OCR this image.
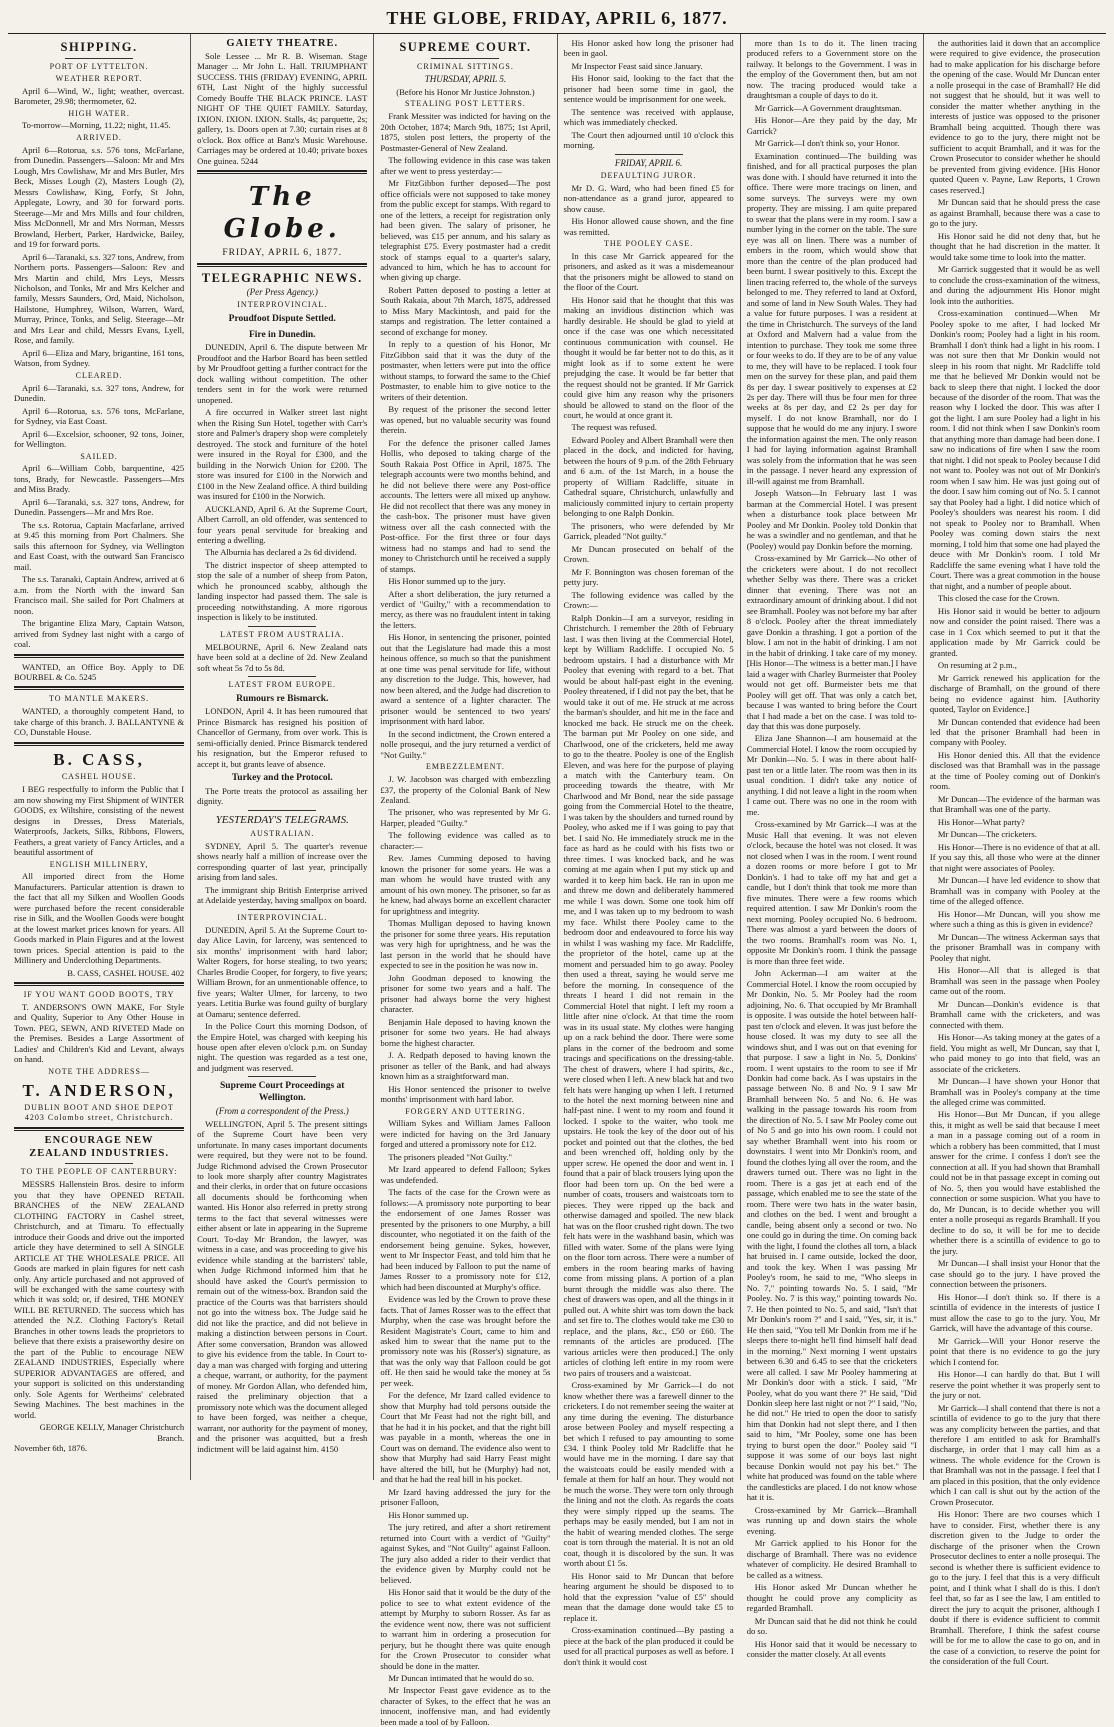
THE GLOBE, FRIDAY, APRIL 6, 1877.
SHIPPING.
PORT OF LYTTELTON.
WEATHER REPORT.

April 6—Wind, W., light; weather, overcast. Barometer, 29.98; thermometer, 62.

HIGH WATER.

To-morrow—Morning, 11.22; night, 11.45.

ARRIVED.

April 6—Rotorua, s.s. 576 tons, McFarlane, from Dunedin. Passengers—Saloon: Mr and Mrs Lough, Mrs Cowlishaw, Mr and Mrs Butler, Mrs Beck, Misses Lough (2), Masters Lough (2), Messrs Cowlishaw, King, Forfy, St John, Applegate, Lowry, and 30 for forward ports. Steerage—Mr and Mrs Mills and four children, Miss McDonnell, Mr and Mrs Norman, Messrs Browland, Herbert, Parker, Hardwicke, Bailey, and 19 for forward ports.

April 6—Taranaki, s.s. 327 tons, Andrew, from Northern ports. Passengers—Saloon: Rev and Mrs Martin and child, Mrs Leys, Messrs Nicholson, and Tonks, Mr and Mrs Kelcher and family, Messrs Saunders, Ord, Maid, Nicholson, Hailstone, Humphrey, Wilson, Warren, Ward, Murray, Prince, Tonks, and Selig. Steerage—Mr and Mrs Lear and child, Messrs Evans, Lyell, Rose, and family.

April 6—Eliza and Mary, brigantine, 161 tons, Watson, from Sydney.

CLEARED.

April 6—Taranaki, s.s. 327 tons, Andrew, for Dunedin.

April 6—Rotorua, s.s. 576 tons, McFarlane, for Sydney, via East Coast.

April 6—Excelsior, schooner, 92 tons, Joiner, for Wellington.

SAILED.

April 6—William Cobb, barquentine, 425 tons, Brady, for Newcastle. Passengers—Mrs and Miss Brady.

April 6—Taranaki, s.s. 327 tons, Andrew, for Dunedin. Passengers—Mr and Mrs Roe.

The s.s. Rotorua, Captain Macfarlane, arrived at 9.45 this morning from Port Chalmers. She sails this afternoon for Sydney, via Wellington and East Coast, with the outward San Francisco mail.

The s.s. Taranaki, Captain Andrew, arrived at 6 a.m. from the North with the inward San Francisco mail. She sailed for Port Chalmers at noon.

The brigantine Eliza Mary, Captain Watson, arrived from Sydney last night with a cargo of coal.

WANTED, an Office Boy. Apply to DE BOURBEL & Co. 5245

TO MANTLE MAKERS.

WANTED, a thoroughly competent Hand, to take charge of this branch. J. BALLANTYNE & CO, Dunstable House.

B. CASS,
CASHEL HOUSE.

I BEG respectfully to inform the Public that I am now showing my First Shipment of WINTER GOODS, ex Wiltshire, consisting of the newest designs in Dresses, Dress Materials, Waterproofs, Jackets, Silks, Ribbons, Flowers, Feathers, a great variety of Fancy Articles, and a beautiful assortment of

ENGLISH MILLINERY,

All imported direct from the Home Manufacturers. Particular attention is drawn to the fact that all my Silken and Woollen Goods were purchased before the recent considerable rise in Silk, and the Woollen Goods were bought at the lowest market prices known for years. All Goods marked in Plain Figures and at the lowest town prices. Special attention is paid to the Millinery and Underclothing Departments.

B. CASS, CASHEL HOUSE. 402
IF YOU WANT GOOD BOOTS, TRY

T. ANDERSON'S OWN MAKE, For Style and Quality, Superior to Any Other House in Town. PEG, SEWN, AND RIVETED Made on the Premises. Besides a Large Assortment of Ladies' and Children's Kid and Levant, always on hand.

NOTE THE ADDRESS—
T. ANDERSON,
DUBLIN BOOT AND SHOE DEPOT 4203 Colombo street, Christchurch.
ENCOURAGE NEW ZEALAND INDUSTRIES.
TO THE PEOPLE OF CANTERBURY:

MESSRS Hallenstein Bros. desire to inform you that they have OPENED RETAIL BRANCHES of the NEW ZEALAND CLOTHING FACTORY in Cashel street, Christchurch, and at Timaru. To effectually introduce their Goods and drive out the imported article they have determined to sell A SINGLE ARTICLE AT THE WHOLESALE PRICE. All Goods are marked in plain figures for nett cash only. Any article purchased and not approved of will be exchanged with the same courtesy with which it was sold; or, if desired, THE MONEY WILL BE RETURNED. The success which has attended the N.Z. Clothing Factory's Retail Branches in other towns leads the proprietors to believe that there exists a praiseworthy desire on the part of the Public to encourage NEW ZEALAND INDUSTRIES, Especially where SUPERIOR ADVANTAGES are offered, and your support is solicited on this understanding only. Sole Agents for Wertheims' celebrated Sewing Machines. The best machines in the world.

GEORGE KELLY, Manager Christchurch Branch.
November 6th, 1876.
GAIETY THEATRE.

Sole Lessee ... Mr R. B. Wiseman. Stage Manager ... Mr John L. Hall. TRIUMPHANT SUCCESS. THIS (FRIDAY) EVENING, APRIL 6TH, Last Night of the highly successful Comedy Bouffe THE BLACK PRINCE. LAST NIGHT OF THE QUIET FAMILY. Saturday, IXION. IXION. IXION. Stalls, 4s; parquette, 2s; gallery, 1s. Doors open at 7.30; curtain rises at 8 o'clock. Box office at Banz's Music Warehouse. Carriages may be ordered at 10.40; private boxes One guinea. 5244

The Globe.
FRIDAY, APRIL 6, 1877.
TELEGRAPHIC NEWS.
(Per Press Agency.)
INTERPROVINCIAL.
Proudfoot Dispute Settled.
Fire in Dunedin.

DUNEDIN, April 6. The dispute between Mr Proudfoot and the Harbor Board has been settled by Mr Proudfoot getting a further contract for the dock walling without competition. The other tenders sent in for the work were returned unopened.

A fire occurred in Walker street last night when the Rising Sun Hotel, together with Carr's store and Palmer's drapery shop were completely destroyed. The stock and furniture of the hotel were insured in the Royal for £300, and the building in the Norwich Union for £200. The store was insured for £100 in the Norwich and £100 in the New Zealand office. A third building was insured for £100 in the Norwich.

AUCKLAND, April 6. At the Supreme Court, Albert Carroll, an old offender, was sentenced to four years penal servitude for breaking and entering a dwelling.

The Alburnia has declared a 2s 6d dividend.

The district inspector of sheep attempted to stop the sale of a number of sheep from Paton, which he pronounced scabby, although the landing inspector had passed them. The sale is proceeding notwithstanding. A more rigorous inspection is likely to be instituted.

LATEST FROM AUSTRALIA.

MELBOURNE, April 6. New Zealand oats have been sold at a decline of 2d. New Zealand soft wheat 5s 7d to 5s 8d.

LATEST FROM EUROPE.
Rumours re Bismarck.

LONDON, April 4. It has been rumoured that Prince Bismarck has resigned his position of Chancellor of Germany, from over work. This is semi-officially denied. Prince Bismarck tendered his resignation, but the Emperor refused to accept it, but grants leave of absence.

Turkey and the Protocol.

The Porte treats the protocol as assailing her dignity.

YESTERDAY'S TELEGRAMS.
AUSTRALIAN.

SYDNEY, April 5. The quarter's revenue shows nearly half a million of increase over the corresponding quarter of last year, principally arising from land sales.

The immigrant ship British Enterprise arrived at Adelaide yesterday, having smallpox on board.

INTERPROVINCIAL.

DUNEDIN, April 5. At the Supreme Court to-day Alice Lavin, for larceny, was sentenced to six months' imprisonment with hard labor; Walter Rogers, for horse stealing, to two years; Charles Brodie Cooper, for forgery, to five years; William Brown, for an unmentionable offence, to five years; Walter Ulmer, for larceny, to two years. Letitia Burke was found guilty of burglary at Oamaru; sentence deferred.

In the Police Court this morning Dodson, of the Empire Hotel, was charged with keeping his house open after eleven o'clock p.m. on Sunday night. The question was regarded as a test one, and judgment was reserved.

Supreme Court Proceedings at Wellington.
(From a correspondent of the Press.)

WELLINGTON, April 5. The present sittings of the Supreme Court have been very unfortunate. In many cases important documents were required, but they were not to be found. Judge Richmond advised the Crown Prosecutor to look more sharply after country Magistrates and their clerks, in order that on future occasions all documents should be forthcoming when wanted. His Honor also referred in pretty strong terms to the fact that several witnesses were either absent or late in appearing in the Supreme Court. To-day Mr Brandon, the lawyer, was witness in a case, and was proceeding to give his evidence while standing at the barristers' table, when Judge Richmond informed him that he should have asked the Court's permission to remain out of the witness-box. Brandon said the practice of the Courts was that barristers should not go into the witness box. The Judge said he did not like the practice, and did not believe in making a distinction between persons in Court. After some conversation, Brandon was allowed to give his evidence from the table. In Court to-day a man was charged with forging and uttering a cheque, warrant, or authority, for the payment of money. Mr Gordon Allan, who defended him, raised the preliminary objection that a promissory note which was the document alleged to have been forged, was neither a cheque, warrant, nor authority for the payment of money, and the prisoner was acquitted, but a fresh indictment will be laid against him. 4150

SUPREME COURT.
CRIMINAL SITTINGS.
THURSDAY, APRIL 5.
(Before his Honor Mr Justice Johnston.)
STEALING POST LETTERS.

Frank Messiter was indicted for having on the 20th October, 1874; March 9th, 1875; 1st April, 1875, stolen post letters, the property of the Postmaster-General of New Zealand.

The following evidence in this case was taken after we went to press yesterday:—

Mr FitzGibbon further deposed—The post office officials were not supposed to take money from the public except for stamps. With regard to one of the letters, a receipt for registration only had been given. The salary of prisoner, he believed, was £15 per annum, and his salary as telegraphist £75. Every postmaster had a credit stock of stamps equal to a quarter's salary, advanced to him, which he has to account for when giving up charge.

Robert Patten deposed to posting a letter at South Rakaia, about 7th March, 1875, addressed to Miss Mary Mackintosh, and paid for the stamps and registration. The letter contained a second of exchange for money.

In reply to a question of his Honor, Mr FitzGibbon said that it was the duty of the postmaster, when letters were put into the office without stamps, to forward the same to the Chief Postmaster, to enable him to give notice to the writers of their detention.

By request of the prisoner the second letter was opened, but no valuable security was found therein.

For the defence the prisoner called James Hollis, who deposed to taking charge of the South Rakaia Post Office in April, 1875. The telegraph accounts were two months behind, and he did not believe there were any Post-office accounts. The letters were all mixed up anyhow. He did not recollect that there was any money in the cash-box. The prisoner must have given witness over all the cash connected with the Post-office. For the first three or four days witness had no stamps and had to send the money to Christchurch until he received a supply of stamps.

His Honor summed up to the jury.

After a short deliberation, the jury returned a verdict of "Guilty," with a recommendation to mercy, as there was no fraudulent intent in taking the letters.

His Honor, in sentencing the prisoner, pointed out that the Legislature had made this a most heinous offence, so much so that the punishment at one time was penal servitude for life, without any discretion to the Judge. This, however, had now been altered, and the Judge had discretion to award a sentence of a lighter character. The prisoner would be sentenced to two years' imprisonment with hard labor.

In the second indictment, the Crown entered a nolle prosequi, and the jury returned a verdict of "Not Guilty."

EMBEZZLEMENT.

J. W. Jacobson was charged with embezzling £37, the property of the Colonial Bank of New Zealand.

The prisoner, who was represented by Mr G. Harper, pleaded "Guilty."

The following evidence was called as to character:—

Rev. James Cumming deposed to having known the prisoner for some years. He was a man whom he would have trusted with any amount of his own money. The prisoner, so far as he knew, had always borne an excellent character for uprightness and integrity.

Thomas Mulligan deposed to having known the prisoner for some three years. His reputation was very high for uprightness, and he was the last person in the world that he should have expected to see in the position he was now in.

John Goodman deposed to knowing the prisoner for some two years and a half. The prisoner had always borne the very highest character.

Benjamin Hale deposed to having known the prisoner for some two years. He had always borne the highest character.

J. A. Redpath deposed to having known the prisoner as teller of the Bank, and had always known him as a straightforward man.

His Honor sentenced the prisoner to twelve months' imprisonment with hard labor.

FORGERY AND UTTERING.

William Sykes and William James Falloon were indicted for having on the 3rd January forged and uttered a promissory note for £12.

The prisoners pleaded "Not Guilty."

Mr Izard appeared to defend Falloon; Sykes was undefended.

The facts of the case for the Crown were as follows:—A promissory note purporting to bear the endorsement of one James Rosser was presented by the prisoners to one Murphy, a bill discounter, who negotiated it on the faith of the endorsement being genuine. Sykes, however, went to Mr Inspector Feast, and told him that he had been induced by Falloon to put the name of James Rosser to a promissory note for £12, which had been discounted at Murphy's office.

Evidence was led by the Crown to prove these facts. That of James Rosser was to the effect that Murphy, when the case was brought before the Resident Magistrate's Court, came to him and asked him to swear that the name put to the promissory note was his (Rosser's) signature, as that was the only way that Falloon could be got off. He then said he would take the money at 5s per week.

For the defence, Mr Izard called evidence to show that Murphy had told persons outside the Court that Mr Feast had not the right bill, and that he had it in his pocket, and that the right bill was payable in a month, whereas the one in Court was on demand. The evidence also went to show that Murphy had said Harry Feast might have altered the bill, but he (Murphy) had not, and that he had the real bill in his pocket.

Mr Izard having addressed the jury for the prisoner Falloon,

His Honor summed up.

The jury retired, and after a short retirement returned into Court with a verdict of "Guilty" against Sykes, and "Not Guilty" against Falloon. The jury also added a rider to their verdict that the evidence given by Murphy could not be believed.

His Honor said that it would be the duty of the police to see to what extent evidence of the attempt by Murphy to suborn Rosser. As far as the evidence went now, there was not sufficient to warrant him in ordering a prosecution for perjury, but he thought there was quite enough for the Crown Prosecutor to consider what should be done in the matter.

Mr Duncan intimated that he would do so.

Mr Inspector Feast gave evidence as to the character of Sykes, to the effect that he was an innocent, inoffensive man, and had evidently been made a tool of by Falloon.

His Honor asked how long the prisoner had been in gaol.

Mr Inspector Feast said since January.

His Honor said, looking to the fact that the prisoner had been some time in gaol, the sentence would be imprisonment for one week.

The sentence was received with applause, which was immediately checked.

The Court then adjourned until 10 o'clock this morning.

FRIDAY, APRIL 6.
DEFAULTING JUROR.

Mr D. G. Ward, who had been fined £5 for non-attendance as a grand juror, appeared to show cause.

His Honor allowed cause shown, and the fine was remitted.

THE POOLEY CASE.

In this case Mr Garrick appeared for the prisoners, and asked as it was a misdemeanour that the prisoners might be allowed to stand on the floor of the Court.

His Honor said that he thought that this was making an invidious distinction which was hardly desirable. He should be glad to yield at once if the case was one which necessitated continuous communication with counsel. He thought it would be far better not to do this, as it might look as if to some extent he were prejudging the case. It would be far better that the request should not be granted. If Mr Garrick could give him any reason why the prisoners should be allowed to stand on the floor of the court, he would at once grant it.

The request was refused.

Edward Pooley and Albert Bramhall were then placed in the dock, and indicted for having, between the hours of 9 p.m. of the 28th February and 6 a.m. of the 1st March, in a house the property of William Radcliffe, situate in Cathedral square, Christchurch, unlawfully and maliciously committed injury to certain property belonging to one Ralph Donkin.

The prisoners, who were defended by Mr Garrick, pleaded "Not guilty."

Mr Duncan prosecuted on behalf of the Crown.

Mr F. Bonnington was chosen foreman of the petty jury.

The following evidence was called by the Crown:—

Ralph Donkin—I am a surveyor, residing in Christchurch. I remember the 28th of February last. I was then living at the Commercial Hotel, kept by William Radcliffe. I occupied No. 5 bedroom upstairs. I had a disturbance with Mr Pooley that evening with regard to a bet. That would be about half-past eight in the evening. Pooley threatened, if I did not pay the bet, that he would take it out of me. He struck at me across the barman's shoulder, and hit me in the face and knocked me back. He struck me on the cheek. The barman put Mr Pooley on one side, and Charlwood, one of the cricketers, held me away to go to the theatre. Pooley is one of the English Eleven, and was here for the purpose of playing a match with the Canterbury team. On proceeding towards the theatre, with Mr Charlwood and Mr Bond, near the side passage going from the Commercial Hotel to the theatre, I was taken by the shoulders and turned round by Pooley, who asked me if I was going to pay that bet. I said No. He immediately struck me in the face as hard as he could with his fists two or three times. I was knocked back, and he was coming at me again when I put my stick up and warded it to keep him back. He ran in upon me and threw me down and deliberately hammered me while I was down. Some one took him off me, and I was taken up to my bedroom to wash my face. Whilst there Pooley came to the bedroom door and endeavoured to force his way in whilst I was washing my face. Mr Radcliffe, the proprietor of the hotel, came up at the moment and persuaded him to go away. Pooley then used a threat, saying he would serve me before the morning. In consequence of the threats I heard I did not remain in the Commercial Hotel that night. I left my room a little after nine o'clock. At that time the room was in its usual state. My clothes were hanging up on a rack behind the door. There were some plans in the corner of the bedroom and some tracings and specifications on the dressing-table. The chest of drawers, where I had spirits, &c., were closed when I left. A new black hat and two felt hats were hanging up when I left. I returned to the hotel the next morning between nine and half-past nine. I went to my room and found it locked. I spoke to the waiter, who took me upstairs. He took the key of the door out of his pocket and pointed out that the clothes, the bed and been wrenched off, holding only by the upper screw. He opened the door and went in. I found that a pair of black trousers lying upon the floor had been torn up. On the bed were a number of coats, trousers and waistcoats torn to pieces. They were ripped up the back and otherwise damaged and spoiled. The new black hat was on the floor crushed right down. The two felt hats were in the washhand basin, which was filled with water. Some of the plans were lying on the floor torn across. There were a number of embers in the room bearing marks of having come from missing plans. A portion of a plan burnt through the middle was also there. The chest of drawers was open, and all the things in it pulled out. A white shirt was torn down the back and set fire to. The clothes would take me £30 to replace, and the plans, &c., £50 or £60. The remnants of the articles are produced. [The various articles were then produced.] The only articles of clothing left entire in my room were two pairs of trousers and a waistcoat.

Cross-examined by Mr Garrick—I do not know whether there was a farewell dinner to the cricketers. I do not remember seeing the waiter at any time during the evening. The disturbance arose between Pooley and myself respecting a bet which I refused to pay amounting to some £34. I think Pooley told Mr Radcliffe that he would have me in the morning. I dare say that the waistcoats could be easily mended with a female at them for half an hour. They would not be much the worse. They were torn only through the lining and not the cloth. As regards the coats they were simply ripped up the seams. The perhaps may be easily mended, but I am not in the habit of wearing mended clothes. The serge coat is torn through the material. It is not an old coat, though it is discolored by the sun. It was worth about £1 5s.

His Honor said to Mr Duncan that before hearing argument he should be disposed to to hold that the expression "value of £5" should mean that the damage done would take £5 to replace it.

Cross-examination continued—By pasting a piece at the back of the plan produced it could be used for all practical purposes as well as before. I don't think it would cost

more than 1s to do it. The linen tracing produced refers to a Government store on the railway. It belongs to the Government. I was in the employ of the Government then, but am not now. The tracing produced would take a draughtsman a couple of days to do it.

Mr Garrick—A Government draughtsman.

His Honor—Are they paid by the day, Mr Garrick?

Mr Garrick—I don't think so, your Honor.

Examination continued—The building was finished, and for all practical purposes the plan was done with. I should have returned it into the office. There were more tracings on linen, and some surveys. The surveys were my own property. They are missing. I am quite prepared to swear that the plans were in my room. I saw a number lying in the corner on the table. The sure eye was all on linen. There was a number of embers in the room, which would show that more than the centre of the plan produced had been burnt. I swear positively to this. Except the linen tracing referred to, the whole of the surveys belonged to me. They referred to land at Oxford, and some of land in New South Wales. They had a value for future purposes. I was a resident at the time in Christchurch. The surveys of the land at Oxford and Malvern had a value from the intention to purchase. They took me some three or four weeks to do. If they are to be of any value to me, they will have to be replaced. I took four men on the survey for these plan, and paid them 8s per day. I swear positively to expenses at £2 2s per day. There will thus be four men for three weeks at 8s per day, and £2 2s per day for myself. I do not know Bramhall, nor do I suppose that he would do me any injury. I swore the information against the men. The only reason I had for laying information against Bramhall was solely from the information that he was seen in the passage. I never heard any expression of ill-will against me from Bramhall.

Joseph Watson—In February last I was barman at the Commercial Hotel. I was present when a disturbance took place between Mr Pooley and Mr Donkin. Pooley told Donkin that he was a swindler and no gentleman, and that he (Pooley) would pay Donkin before the morning.

Cross-examined by Mr Garrick—No other of the cricketers were about. I do not recollect whether Selby was there. There was a cricket dinner that evening. There was not an extraordinary amount of drinking about. I did not see Bramhall. Pooley was not before my bar after 8 o'clock. Pooley after the threat immediately gave Donkin a thrashing. I got a portion of the blow. I am not in the habit of drinking. I am not in the habit of drinking. I take care of my money. [His Honor—The witness is a better man.] I have laid a wager with Charley Burmeister that Pooley would not get off. Burmeister bets me that Pooley will get off. That was only a catch bet, because I was wanted to bring before the Court that I had made a bet on the case. I was told to-day that this was done purposely.

Eliza Jane Shannon—I am housemaid at the Commercial Hotel. I know the room occupied by Mr Donkin—No. 5. I was in there about half-past ten or a little later. The room was then in its usual condition. I didn't take any notice of anything. I did not leave a light in the room when I came out. There was no one in the room with me.

Cross-examined by Mr Garrick—I was at the Music Hall that evening. It was not eleven o'clock, because the hotel was not closed. It was not closed when I was in the room. I went round a dozen rooms or more before I got to Mr Donkin's. I had to take off my hat and get a candle, but I don't think that took me more than five minutes. There were a few rooms which required attention. I saw Mr Donkin's room the next morning. Pooley occupied No. 6 bedroom. There was almost a yard between the doors of the two rooms. Bramhall's room was No. 1, opposite Mr Donkin's room. I think the passage is more than three feet wide.

John Ackerman—I am waiter at the Commercial Hotel. I know the room occupied by Mr Donkin, No. 5. Mr Pooley had the room adjoining, No. 6. That occupied by Mr Bramhall is opposite. I was outside the hotel between half-past ten o'clock and eleven. It was just before the house closed. It was my duty to see all the windows shut, and I was out on that evening for that purpose. I saw a light in No. 5, Donkins' room. I went upstairs to the room to see if Mr Donkin had come back. As I was upstairs in the passage between No. 8 and No. 9 I saw Mr Bramhall between No. 5 and No. 6. He was walking in the passage towards his room from the direction of No. 5. I saw Mr Pooley come out of No 5 and go into his own room. I could not say whether Bramhall went into his room or downstairs. I went into Mr Donkin's room, and found the clothes lying all over the room, and the drawers turned out. There was no light in the room. There is a gas jet at each end of the passage, which enabled me to see the state of the room. There were two hats in the water basin, and clothes on the bed. I went and brought a candle, being absent only a second or two. No one could go in during the time. On coming back with the light, I found the clothes all torn, a black hat bruised in. I came outside, locked the door, and took the key. When I was passing Mr Pooley's room, he said to me, "Who sleeps in No. 7," pointing towards No. 5. I said, "Mr Pooley. No. 7 is this way," pointing towards No. 7. He then pointed to No. 5, and said, "Isn't that Mr Donkin's room ?" and I said, "Yes, sir, it is." He then said, "You tell Mr Donkin from me if he sleeps there to-night he'll find himself half dead in the morning." Next morning I went upstairs between 6.30 and 6.45 to see that the cricketers were all called. I saw Mr Pooley hammering at Mr Donkin's door with a stick. I said, "Mr Pooley, what do you want there ?" He said, "Did Donkin sleep here last night or not ?" I said, "No, he did not." He tried to open the door to satisfy him that Donkin had not slept there, and I then said to him, "Mr Pooley, some one has been trying to burst open the door." Pooley said "I suppose it was some of our boys last night because Donkin would not pay his bet." The white hat produced was found on the table where the candlesticks are placed. I do not know whose hat it is.

Cross-examined by Mr Garrick—Bramhall was running up and down stairs the whole evening.

Mr Garrick applied to his Honor for the discharge of Bramhall. There was no evidence whatever of complicity. He desired Bramhall to be called as a witness.

His Honor asked Mr Duncan whether he thought he could prove any complicity as regarded Bramhall.

Mr Duncan said that he did not think he could do so.

His Honor said that it would be necessary to consider the matter closely. At all events

the authorities laid it down that an accomplice were required to give evidence, the prosecution had to make application for his discharge before the opening of the case. Would Mr Duncan enter a nolle prosequi in the case of Bramhall? He did not suggest that he should, but it was well to consider the matter whether anything in the interests of justice was opposed to the prisoner Bramhall being acquitted. Though there was evidence to go to the jury, there might not be sufficient to acquit Bramhall, and it was for the Crown Prosecutor to consider whether he should be prevented from giving evidence. [His Honor quoted Queen v. Payne, Law Reports, 1 Crown cases reserved.]

Mr Duncan said that he should press the case as against Bramhall, because there was a case to go to the jury.

His Honor said he did not deny that, but he thought that he had discretion in the matter. It would take some time to look into the matter.

Mr Garrick suggested that it would be as well to conclude the cross-examination of the witness, and during the adjournment His Honor might look into the authorities.

Cross-examination continued—When Mr Pooley spoke to me after, I had locked Mr Donkin's room; Pooley had a light in his room. Bramhall I don't think had a light in his room. I was not sure then that Mr Donkin would not sleep in his room that night. Mr Radcliffe told me that he believed Mr Donkin would not be back to sleep there that night. I locked the door because of the disorder of the room. That was the reason why I locked the door. This was after I got the light. I am sure Pooley had a light in his room. I did not think when I saw Donkin's room that anything more than damage had been done. I saw no indications of fire when I saw the room that night. I did not speak to Pooley because I did not want to. Pooley was not out of Mr Donkin's room when I saw him. He was just going out of the door. I saw him coming out of No. 5. I cannot say that Pooley had a light. I did notice which of Pooley's shoulders was nearest his room. I did not speak to Pooley nor to Bramhall. When Pooley was coming down stairs the next morning, I told him that some one had played the deuce with Mr Donkin's room. I told Mr Radcliffe the same evening what I have told the Court. There was a great commotion in the house that night, and a number of people about.

This closed the case for the Crown.

His Honor said it would be better to adjourn now and consider the point raised. There was a case in 1 Cox which seemed to put it that the application made by Mr Garrick could be granted.

On resuming at 2 p.m.,

Mr Garrick renewed his application for the discharge of Bramhall, on the ground of there being no evidence against him. [Authority quoted, Taylor on Evidence.]

Mr Duncan contended that evidence had been led that the prisoner Bramhall had been in company with Pooley.

His Honor denied this. All that the evidence disclosed was that Bramhall was in the passage at the time of Pooley coming out of Donkin's room.

Mr Duncan—The evidence of the barman was that Bramhall was one of the party.

His Honor—What party?

Mr Duncan—The cricketers.

His Honor—There is no evidence of that at all. If you say this, all those who were at the dinner that night were associates of Pooley.

Mr Duncan—I have led evidence to show that Bramhall was in company with Pooley at the time of the alleged offence.

His Honor—Mr Duncan, will you show me where such a thing as this is given in evidence?

Mr Duncan—The witness Ackerman says that the prisoner Bramhall was in company with Pooley that night.

His Honor—All that is alleged is that Bramhall was seen in the passage when Pooley came out of the room.

Mr Duncan—Donkin's evidence is that Bramhall came with the cricketers, and was connected with them.

His Honor—As taking money at the gates of a field. You might as well, Mr Duncan, say that I, who paid money to go into that field, was an associate of the cricketers.

Mr Duncan—I have shown your Honor that Bramhall was in Pooley's company at the time the alleged crime was committed.

His Honor—But Mr Duncan, if you allege this, it might as well be said that because I meet a man in a passage coming out of a room in which a robbery has been committed, that I must answer for the crime. I confess I don't see the connection at all. If you had shown that Bramhall could not be in that passage except in coming out of No. 5, then you would have established the connection or some suspicion. What you have to do, Mr Duncan, is to decide whether you will enter a nolle prosequi as regards Bramhall. If you decline to do so, it will be for me to decide whether there is a scintilla of evidence to go to the jury.

Mr Duncan—I shall insist your Honor that the case should go to the jury. I have proved the connection between the prisoners.

His Honor—I don't think so. If there is a scintilla of evidence in the interests of justice I must allow the case to go to the jury. You, Mr Garrick, will have the advantage of this course.

Mr Garrick—Will your Honor reserve the point that there is no evidence to go the jury which I contend for.

His Honor—I can hardly do that. But I will reserve the point whether it was properly sent to the jury or not.

Mr Garrick—I shall contend that there is not a scintilla of evidence to go to the jury that there was any complicity between the parties, and that therefore I am entitled to ask for Bramhall's discharge, in order that I may call him as a witness. The whole evidence for the Crown is that Bramhall was not in the passage. I feel that I am placed in this position, that the only evidence which I can call is shut out by the action of the Crown Prosecutor.

His Honor: There are two courses which I have to consider. First, whether there is any discretion given to the Judge to order the discharge of the prisoner when the Crown Prosecutor declines to enter a nolle prosequi. The second is whether there is sufficient evidence to go to the jury. I feel that this is a very difficult point, and I think what I shall do is this. I don't feel that, so far as I see the law, I am entitled to direct the jury to acquit the prisoner, although I doubt if there is evidence sufficient to commit Bramhall. Therefore, I think the safest course will be for me to allow the case to go on, and in the case of a conviction, to reserve the point for the consideration of the full Court.
